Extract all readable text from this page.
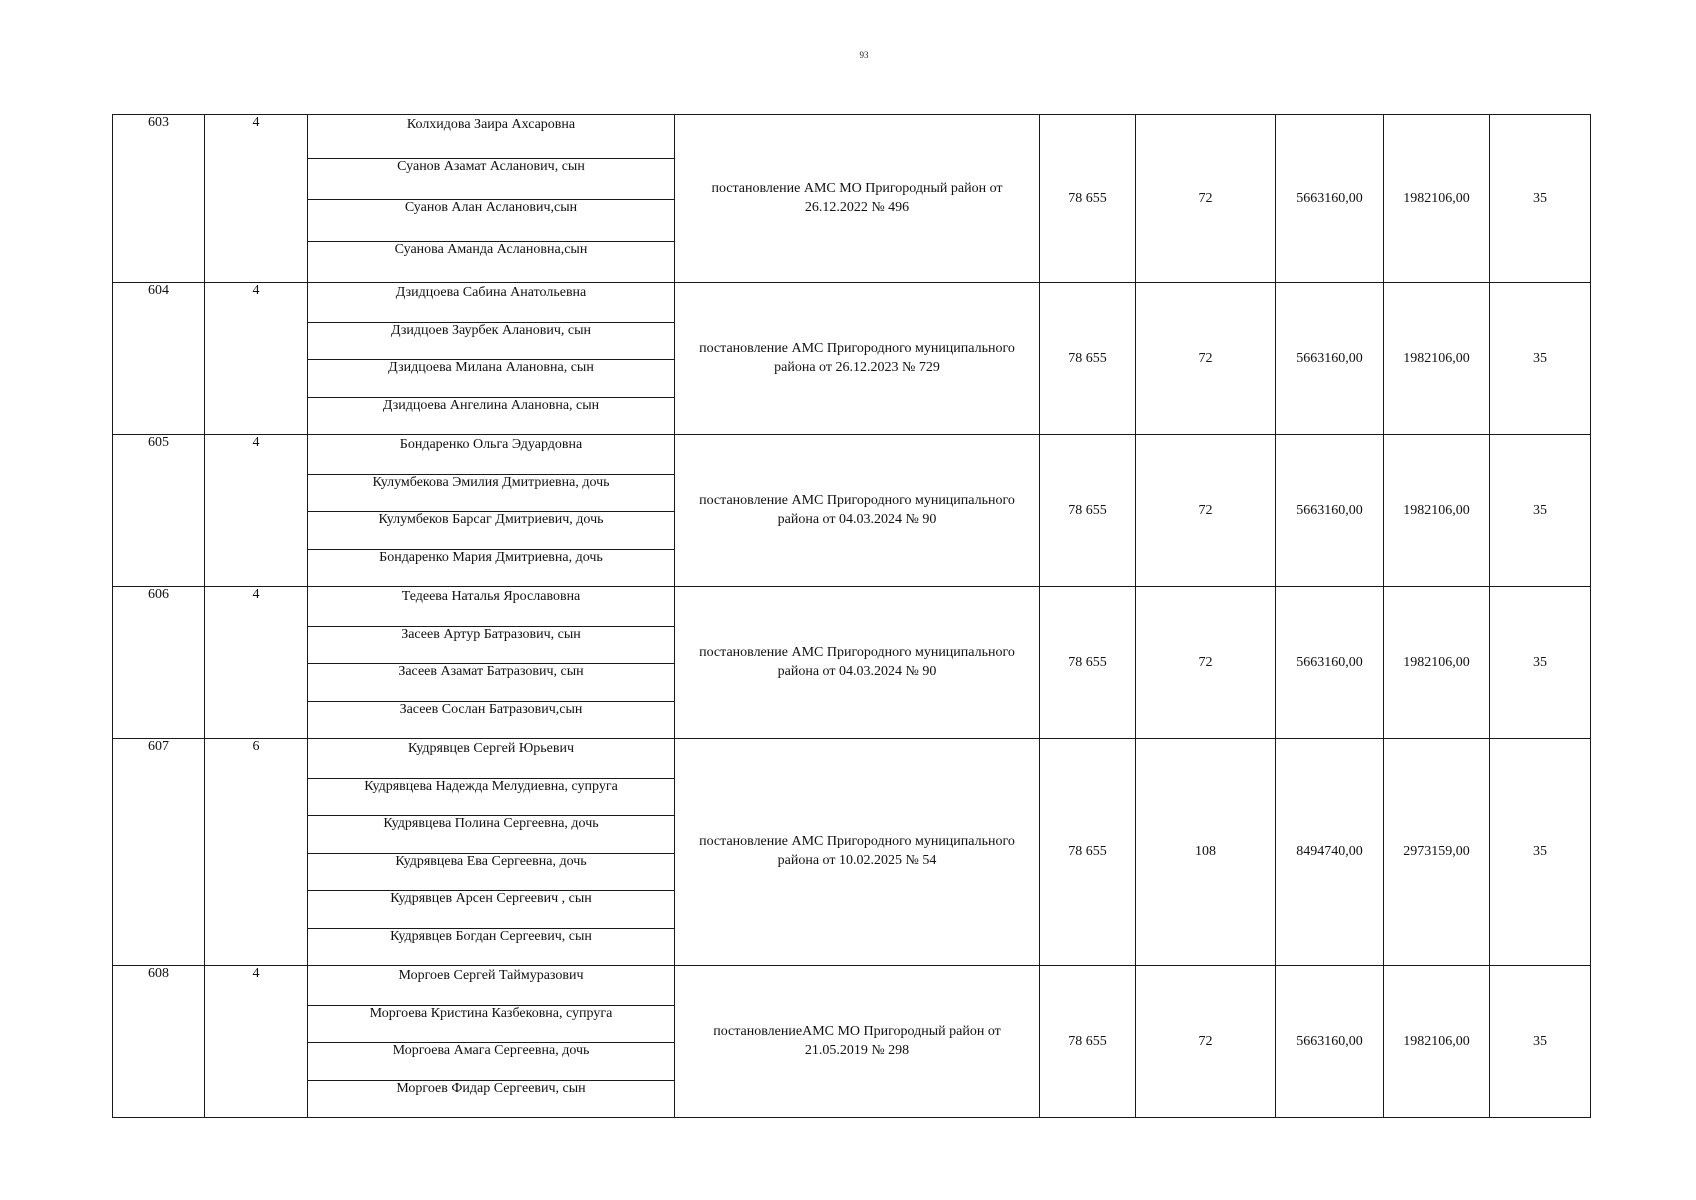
93
603	4	Колхидова Заира Ахсаровна	постановление АМС МО Пригородный район от
26.12.2022 № 496	78 655	72	5663160,00	1982106,00	35
		Суанов Азамат Асланович, сын						
		Суанов Алан Асланович,сын						
		Суанова Аманда Аслановна,сын						
604	4	Дзидцоева Сабина Анатольевна	постановление АМС Пригородного муниципального
района от 26.12.2023 № 729	78 655	72	5663160,00	1982106,00	35
		Дзидцоев Заурбек Аланович, сын						
		Дзидцоева Милана Алановна, сын						
		Дзидцоева Ангелина Алановна, сын						
605	4	Бондаренко Ольга Эдуардовна	постановление АМС Пригородного муниципального
района от 04.03.2024 № 90	78 655	72	5663160,00	1982106,00	35
		Кулумбекова Эмилия Дмитриевна, дочь						
		Кулумбеков Барсаг Дмитриевич, дочь						
		Бондаренко Мария Дмитриевна, дочь						
606	4	Тедеева Наталья Ярославовна	постановление АМС Пригородного муниципального
района от 04.03.2024 № 90	78 655	72	5663160,00	1982106,00	35
		Засеев Артур Батразович, сын						
		Засеев Азамат Батразович, сын						
		Засеев Сослан Батразович,сын						
607	6	Кудрявцев Сергей Юрьевич	постановление АМС Пригородного муниципального
района от 10.02.2025 № 54	78 655	108	8494740,00	2973159,00	35
		Кудрявцева Надежда Мелудиевна, супруга						
		Кудрявцева Полина Сергеевна, дочь						
		Кудрявцева Ева Сергеевна, дочь						
		Кудрявцев Арсен Сергеевич , сын						
		Кудрявцев Богдан Сергеевич, сын						
608	4	Моргоев Сергей Таймуразович	постановлениеАМС МО Пригородный район от
21.05.2019 № 298	78 655	72	5663160,00	1982106,00	35
		Моргоева Кристина Казбековна, супруга						
		Моргоева Амага Сергеевна, дочь						
		Моргоев Фидар Сергеевич, сын						
